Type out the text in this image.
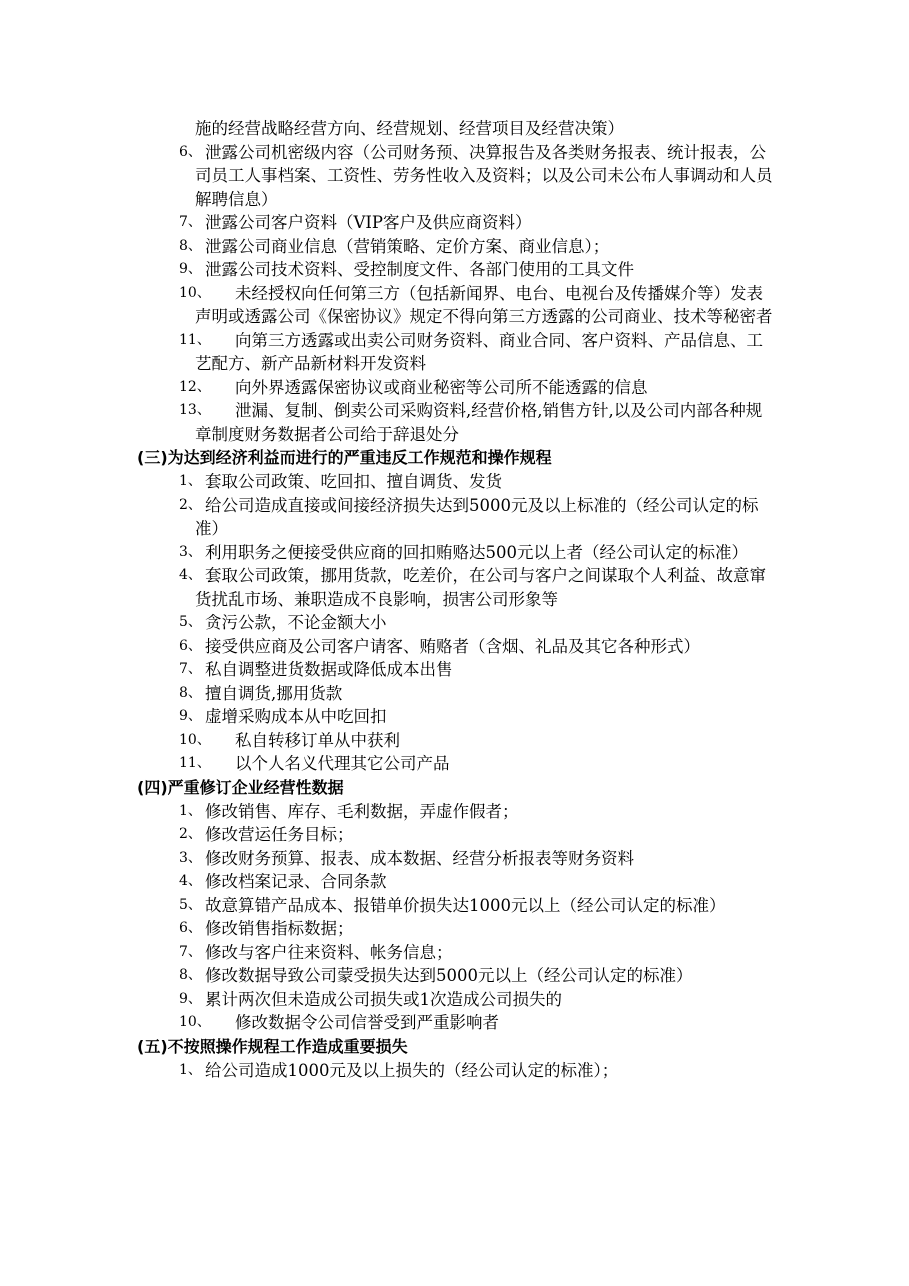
施的经营战略经营方向、经营规划、经营项目及经营决策）
6、 泄露公司机密级内容（公司财务预、决算报告及各类财务报表、统计报表，公司员工人事档案、工资性、劳务性收入及资料；以及公司未公布人事调动和人员解聘信息）
7、 泄露公司客户资料（VIP客户及供应商资料）
8、 泄露公司商业信息（营销策略、定价方案、商业信息）；
9、 泄露公司技术资料、受控制度文件、各部门使用的工具文件
10、	未经授权向任何第三方（包括新闻界、电台、电视台及传播媒介等）发表声明或透露公司《保密协议》规定不得向第三方透露的公司商业、技术等秘密者
11、	向第三方透露或出卖公司财务资料、商业合同、客户资料、产品信息、工艺配方、新产品新材料开发资料
12、	向外界透露保密协议或商业秘密等公司所不能透露的信息
13、	泄漏、复制、倒卖公司采购资料,经营价格,销售方针,以及公司内部各种规章制度财务数据者公司给于辞退处分
(三)为达到经济利益而进行的严重违反工作规范和操作规程
1、 套取公司政策、吃回扣、擅自调货、发货
2、 给公司造成直接或间接经济损失达到5000元及以上标准的（经公司认定的标准）
3、 利用职务之便接受供应商的回扣贿赂达500元以上者（经公司认定的标准）
4、 套取公司政策，挪用货款，吃差价，在公司与客户之间谋取个人利益、故意窜货扰乱市场、兼职造成不良影响，损害公司形象等
5、 贪污公款，不论金额大小
6、 接受供应商及公司客户请客、贿赂者（含烟、礼品及其它各种形式）
7、 私自调整进货数据或降低成本出售
8、 擅自调货,挪用货款
9、 虚增采购成本从中吃回扣
10、	私自转移订单从中获利
11、	以个人名义代理其它公司产品
(四)严重修订企业经营性数据
1、 修改销售、库存、毛利数据，弄虚作假者；
2、 修改营运任务目标；
3、 修改财务预算、报表、成本数据、经营分析报表等财务资料
4、 修改档案记录、合同条款
5、 故意算错产品成本、报错单价损失达1000元以上（经公司认定的标准）
6、 修改销售指标数据；
7、 修改与客户往来资料、帐务信息；
8、 修改数据导致公司蒙受损失达到5000元以上（经公司认定的标准）
9、 累计两次但未造成公司损失或1次造成公司损失的
10、	修改数据令公司信誉受到严重影响者
(五)不按照操作规程工作造成重要损失
1、 给公司造成1000元及以上损失的（经公司认定的标准）；
